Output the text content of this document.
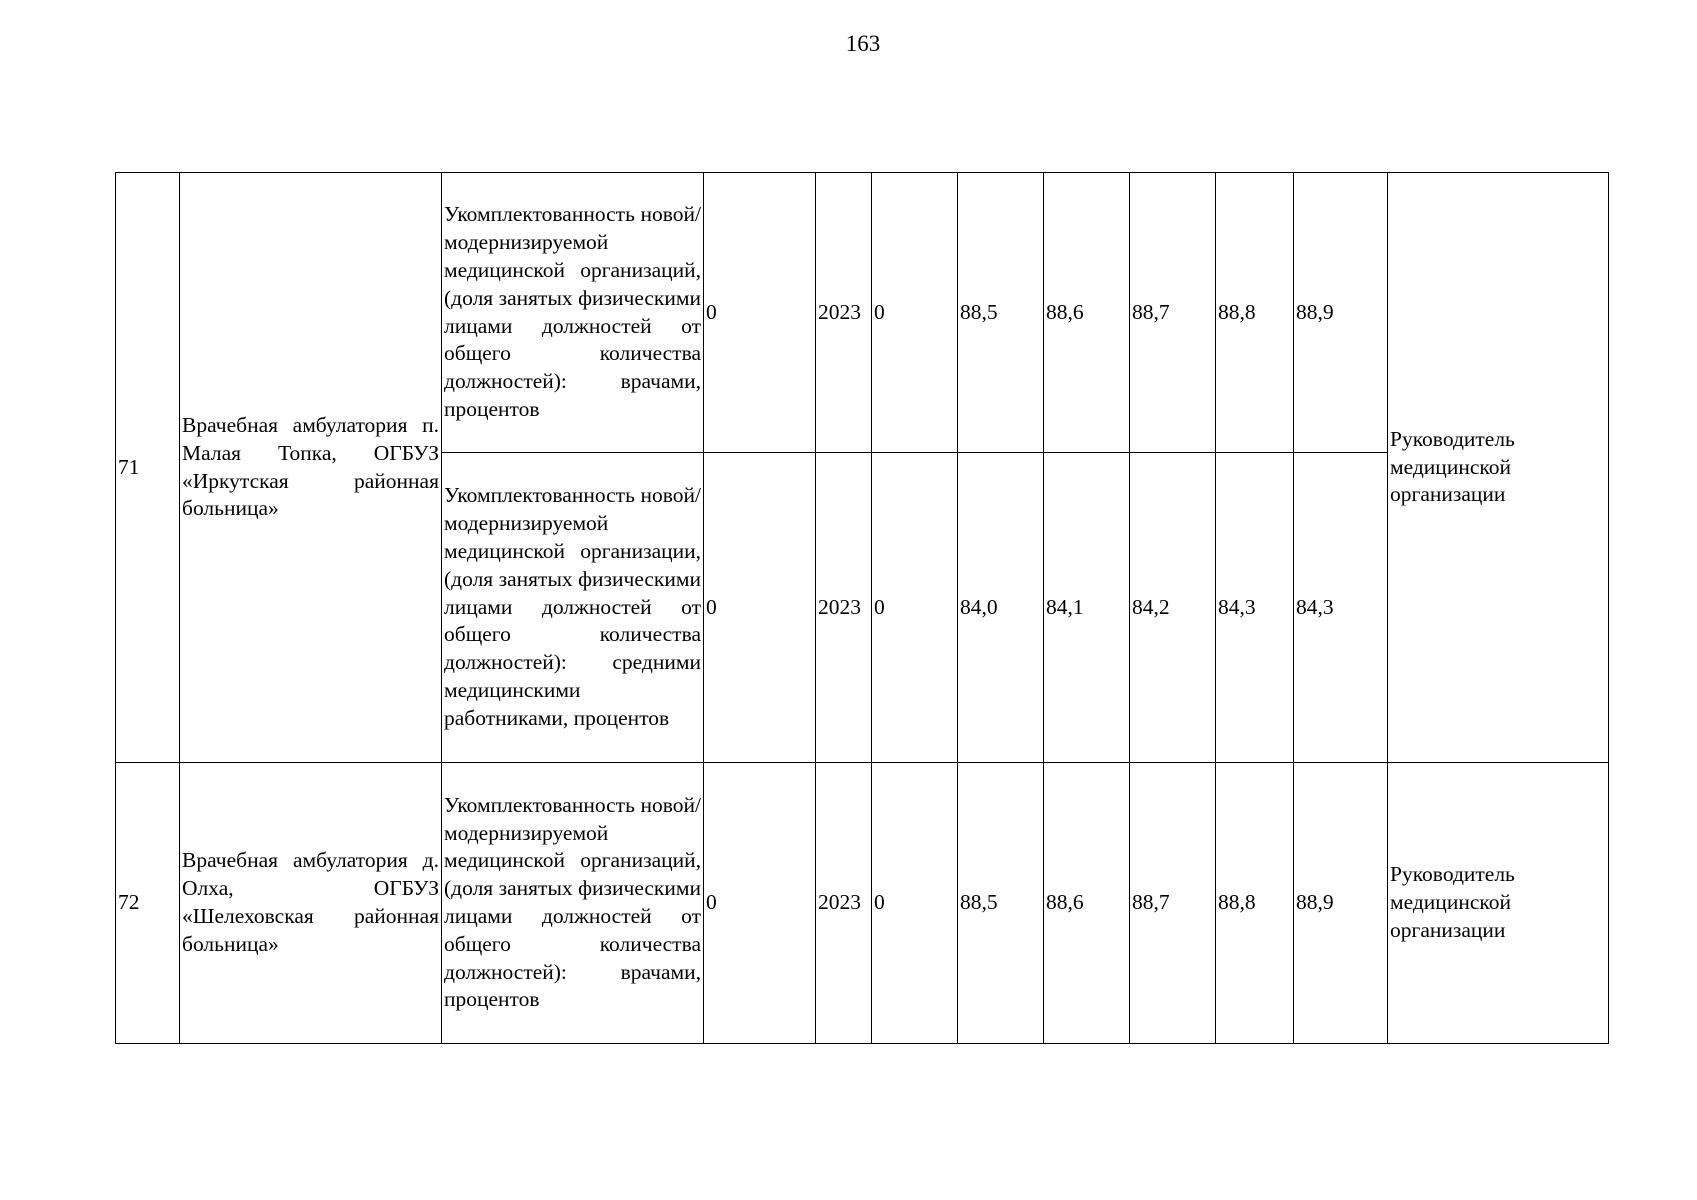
163
71	Врачебная амбулатория п. Малая Топка, ОГБУЗ «Иркутская районная больница»	Укомплектованность новой/модернизируемой медицинской организаций, (доля занятых физическими лицами должностей от общего количества должностей): врачами, процентов	0	2023	0	88,5	88,6	88,7	88,8	88,9	Руководитель медицинской организации
		Укомплектованность новой/модернизируемой медицинской организации, (доля занятых физическими лицами должностей от общего количества должностей): средними медицинскими работниками, процентов	0	2023	0	84,0	84,1	84,2	84,3	84,3	
72	Врачебная амбулатория д. Олха, ОГБУЗ «Шелеховская районная больница»	Укомплектованность новой/модернизируемой медицинской организаций, (доля занятых физическими лицами должностей от общего количества должностей): врачами, процентов	0	2023	0	88,5	88,6	88,7	88,8	88,9	Руководитель медицинской организации
